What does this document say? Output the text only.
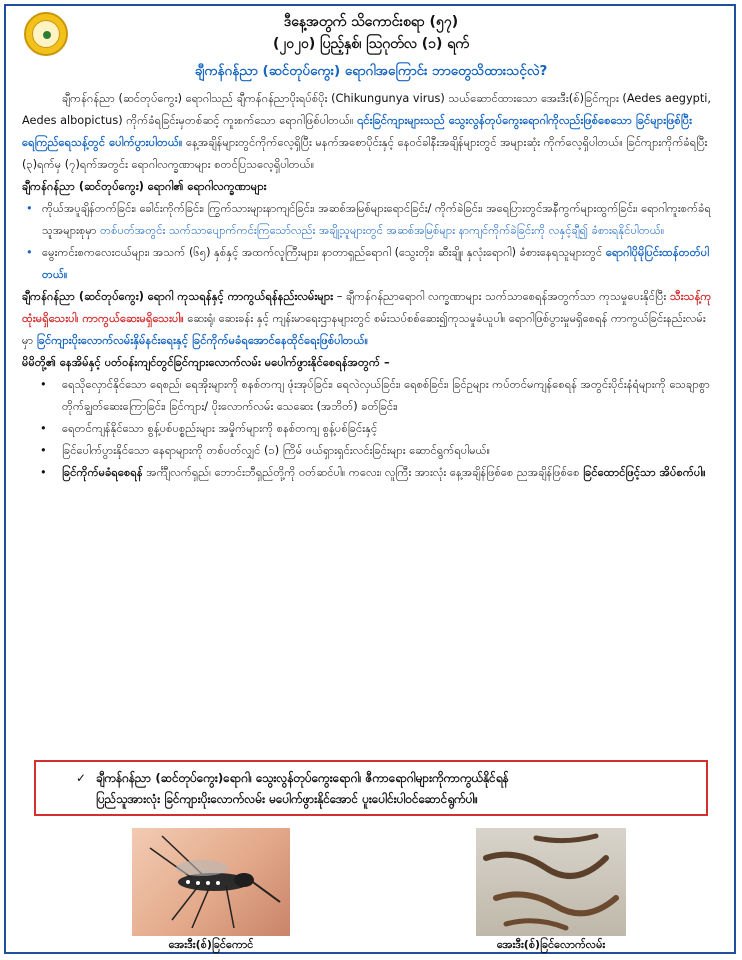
ဒီနေ့အတွက် သိကောင်းစရာ (၅၇)
(၂၀၂၀) ပြည့်နှစ်၊ ဩဂုတ်လ (၁) ရက်
ချီကန်ဂန်ညာ (ဆင်တုပ်ကွေး) ရောဂါအကြောင်း ဘာတွေသိထားသင့်လဲ?

ချီကန်ဂန်ညာ (ဆင်တုပ်ကွေး) ရောဂါသည် ချီကန်ဂန်ညာပိုးရပ်စ်ပိုး (Chikungunya virus) သယ်ဆောင်ထားသော အေးဒီး(စ်)ခြင်ကျား (Aedes aegypti, Aedes albopictus) ကိုက်ခံရခြင်းမှတစ်ဆင့် ကူးစက်သော ရောဂါဖြစ်ပါတယ်။ ၎င်းခြင်ကျားများသည် သွေးလွန်တုပ်ကွေးရောဂါကိုလည်းဖြစ်စေသော ခြင်များဖြစ်ပြီး ရေကြည်ရေသန့်တွင် ပေါက်ပွားပါတယ်။ နေ့အချိန်များတွင်ကိုက်လေ့ရှိပြီး မနက်အစောပိုင်းနှင့် နေဝင်ခါနီးအချိန်များတွင် အများဆုံး ကိုက်လေ့ရှိပါတယ်။ ခြင်ကျားကိုက်ခံရပြီး (၃)ရက်မှ (၇)ရက်အတွင်း ရောဂါလက္ခဏာများ စတင်ပြသလေ့ရှိပါတယ်။

ချီကန်ဂန်ညာ (ဆင်တုပ်ကွေး) ရောဂါ၏ ရောဂါလက္ခဏာများ

• ကိုယ်အပူချိန်တက်ခြင်း၊ ခေါင်းကိုက်ခြင်း၊ ကြွက်သားများနာကျင်ခြင်း၊ အဆစ်အမြစ်များရောင်ခြင်း/ ကိုက်ခဲခြင်း၊ အရေပြားတွင်အနီကွက်များထွက်ခြင်း၊ ရောဂါကူးစက်ခံရသူအများစုမှာ တစ်ပတ်အတွင်း သက်သာပျောက်ကင်းကြသော်လည်း အချို့သူများတွင် အဆစ်အမြစ်များ နာကျင်ကိုက်ခဲခြင်းကို လနှင့်ချီ၍ ခံစားရနိုင်ပါတယ်။
• မွေးကင်းစကလေးငယ်များ၊ အသက် (၆၅) နှစ်နှင့် အထက်လူကြီးများ၊ နာတာရှည်ရောဂါ (သွေးတိုး၊ ဆီးချို၊ နှလုံးရောဂါ) ခံစားနေရသူများတွင် ရောဂါပိုမိုပြင်းထန်တတ်ပါတယ်။

ချီကန်ဂန်ညာ (ဆင်တုပ်ကွေး) ရောဂါ ကုသရန်နှင့် ကာကွယ်ရန်နည်းလမ်းများ – ချီကန်ဂန်ညာရောဂါ လက္ခဏာများ သက်သာစေရန်အတွက်သာ ကုသမှုပေးနိုင်ပြီး သီးသန့်ကုထုံးမရှိသေးပါ၊ ကာကွယ်ဆေးမရှိသေးပါ။ ဆေးရုံ၊ ဆေးခန်း နှင့် ကျန်းမာရေးဌာနများတွင် စမ်းသပ်စစ်ဆေး၍ကုသမှုခံယူပါ။ ရောဂါဖြစ်ပွားမှုမရှိစေရန် ကာကွယ်ခြင်းနည်းလမ်း မှာ ခြင်ကျားပိုးလောက်လမ်းနှိမ်နင်းရေးနှင့် ခြင်ကိုက်မခံရအောင်နေထိုင်ရေးဖြစ်ပါတယ်။

မိမိတို့၏ နေအိမ်နှင့် ပတ်ဝန်းကျင်တွင်ခြင်ကျားလောက်လမ်း မပေါက်ဖွားနိုင်စေရန်အတွက် –

• ရေသိုလှောင်နိုင်သော ရေစည်၊ ရေအိုးများကို စနစ်တကျ ဖုံးအုပ်ခြင်း၊ ရေလဲလှယ်ခြင်း၊ ရေစစ်ခြင်း၊ ခြင်ဥများ ကပ်တင်မကျန်စေရန် အတွင်းပိုင်းနံရံများကို သေချာစွာ တိုက်ချွတ်ဆေးကြောခြင်း၊ ခြင်ကျား/ ပိုးလောက်လမ်း သေဆေး (အဘိတ်) ခတ်ခြင်း၊
• ရေတင်ကျန်နိုင်သော စွန့်ပစ်ပစ္စည်းများ အမှိုက်များကို စနစ်တကျ စွန့်ပစ်ခြင်းနှင့်
• ခြင်ပေါက်ပွားနိုင်သော နေရာများကို တစ်ပတ်လျှင် (၁) ကြိမ် ဖယ်ရှားရှင်းလင်းခြင်းများ ဆောင်ရွက်ရပါမယ်။
• ခြင်ကိုက်မခံရစေရန် အင်္ကျီလက်ရှည်၊ ဘောင်းဘီရှည်တို့ကို ဝတ်ဆင်ပါ။ ကလေး၊ လူကြီး အားလုံး နေ့အချိန်ဖြစ်စေ ညအချိန်ဖြစ်စေ ခြင်ထောင်ဖြင့်သာ အိပ်စက်ပါ။
✓ ချီကန်ဂန်ညာ (ဆင်တုပ်ကွေး)ရောဂါ၊ သွေးလွန်တုပ်ကွေးရောဂါ၊ ဇီကာရောဂါများကိုကာကွယ်နိုင်ရန်
ပြည်သူအားလုံး ခြင်ကျားပိုးလောက်လမ်း မပေါက်ဖွားနိုင်အောင် ပူးပေါင်းပါဝင်ဆောင်ရွက်ပါ။
အေးဒီး(စ်)ခြင်ကောင်	အေးဒီး(စ်)ခြင်လောက်လမ်း
